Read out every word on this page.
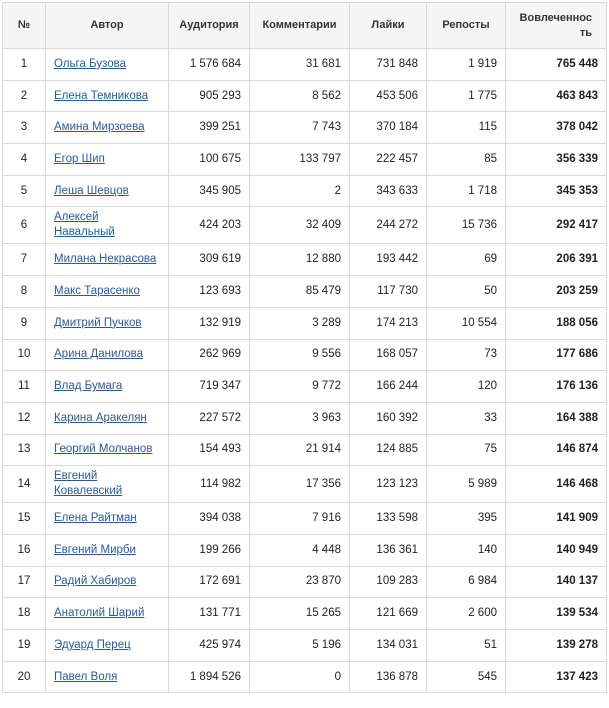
№	Автор	Аудитория	Комментарии	Лайки	Репосты	Вовлеченнос
ть
1	Ольга Бузова	1 576 684	31 681	731 848	1 919	765 448
2	Елена Темникова	905 293	8 562	453 506	1 775	463 843
3	Амина Мирзоева	399 251	7 743	370 184	115	378 042
4	Егор Шип	100 675	133 797	222 457	85	356 339
5	Леша Шевцов	345 905	2	343 633	1 718	345 353
6	Алексей Навальный	424 203	32 409	244 272	15 736	292 417
7	Милана Некрасова	309 619	12 880	193 442	69	206 391
8	Макс Тарасенко	123 693	85 479	117 730	50	203 259
9	Дмитрий Пучков	132 919	3 289	174 213	10 554	188 056
10	Арина Данилова	262 969	9 556	168 057	73	177 686
11	Влад Бумага	719 347	9 772	166 244	120	176 136
12	Карина Аракелян	227 572	3 963	160 392	33	164 388
13	Георгий Молчанов	154 493	21 914	124 885	75	146 874
14	Евгений Ковалевский	114 982	17 356	123 123	5 989	146 468
15	Елена Райтман	394 038	7 916	133 598	395	141 909
16	Евгений Мирби	199 266	4 448	136 361	140	140 949
17	Радий Хабиров	172 691	23 870	109 283	6 984	140 137
18	Анатолий Шарий	131 771	15 265	121 669	2 600	139 534
19	Эдуард Перец	425 974	5 196	134 031	51	139 278
20	Павел Воля	1 894 526	0	136 878	545	137 423
